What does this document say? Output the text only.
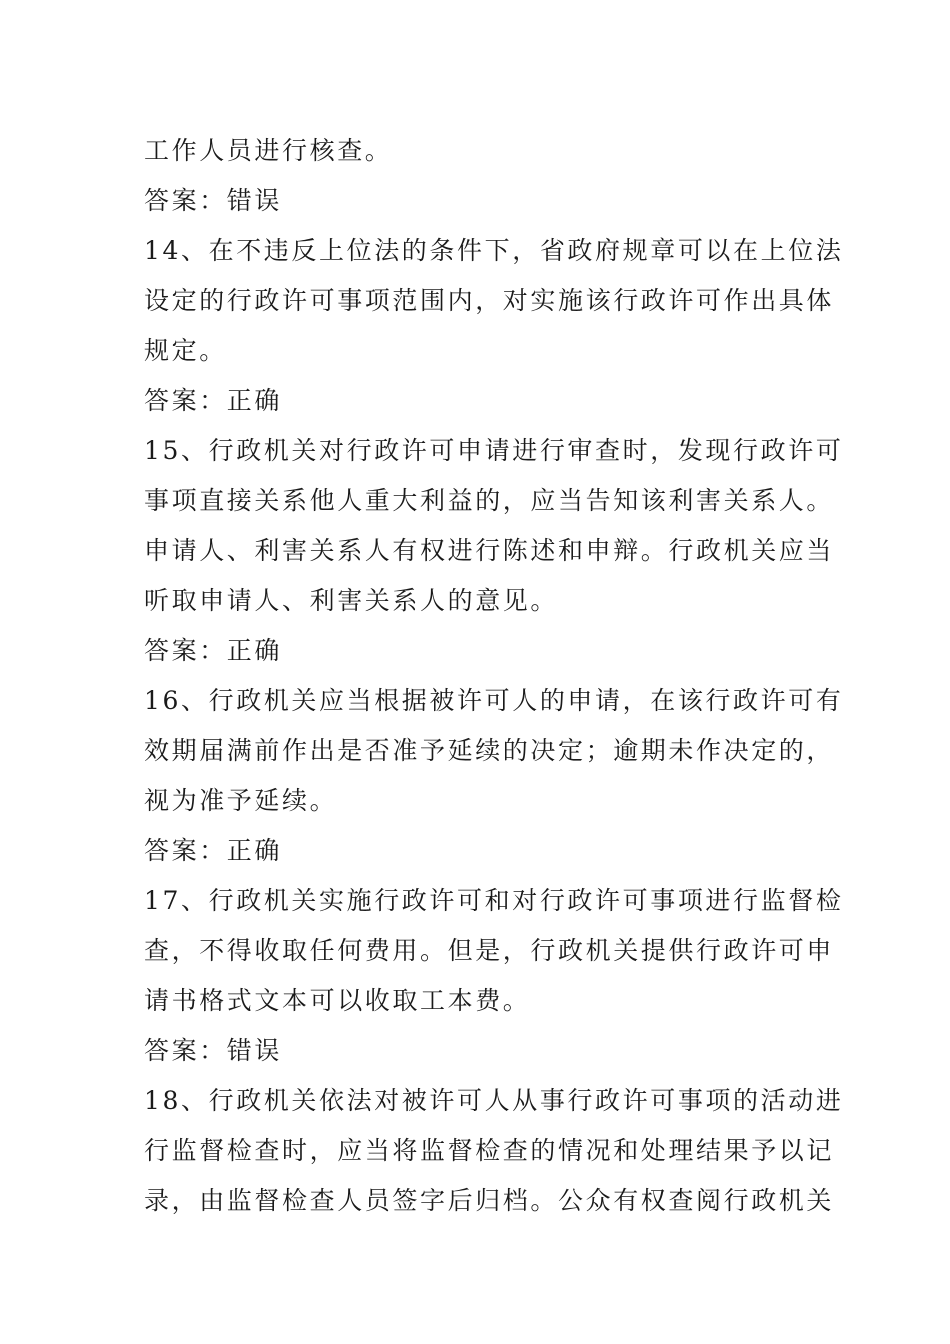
工作人员进行核查。
答案：错误
14、在不违反上位法的条件下，省政府规章可以在上位法
设定的行政许可事项范围内，对实施该行政许可作出具体
规定。
答案：正确
15、行政机关对行政许可申请进行审查时，发现行政许可
事项直接关系他人重大利益的，应当告知该利害关系人。
申请人、利害关系人有权进行陈述和申辩。行政机关应当
听取申请人、利害关系人的意见。
答案：正确
16、行政机关应当根据被许可人的申请，在该行政许可有
效期届满前作出是否准予延续的决定；逾期未作决定的，
视为准予延续。
答案：正确
17、行政机关实施行政许可和对行政许可事项进行监督检
查，不得收取任何费用。但是，行政机关提供行政许可申
请书格式文本可以收取工本费。
答案：错误
18、行政机关依法对被许可人从事行政许可事项的活动进
行监督检查时，应当将监督检查的情况和处理结果予以记
录，由监督检查人员签字后归档。公众有权查阅行政机关
